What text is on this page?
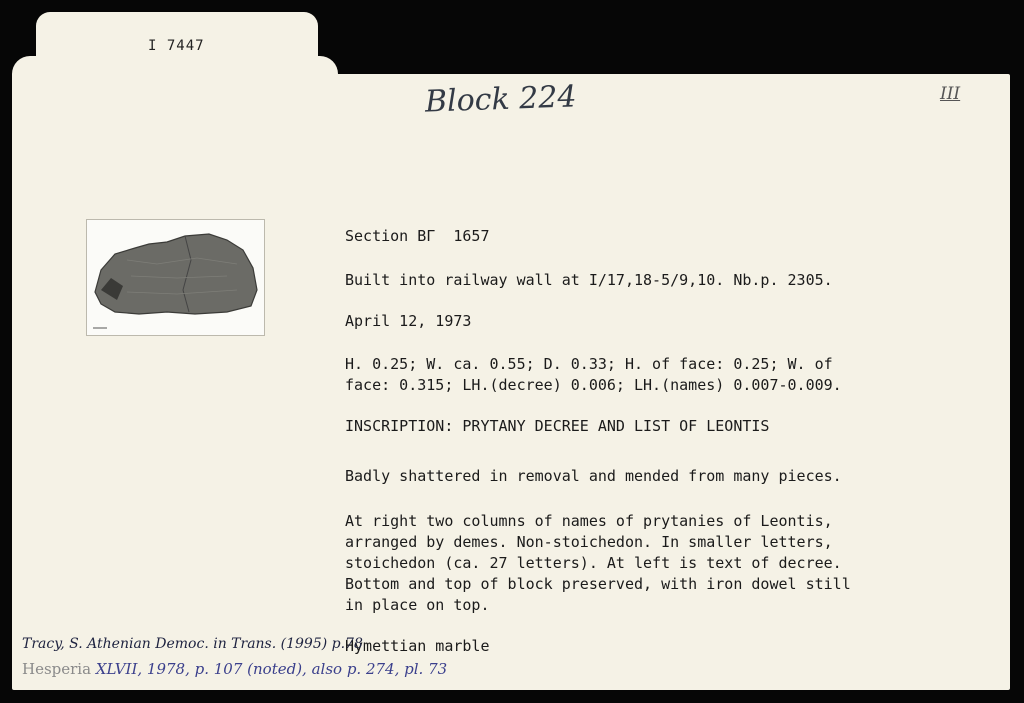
I 7447
Block 224	III
Section BΓ  1657
Built into railway wall at I/17,18-5/9,10. Nb.p. 2305.
April 12, 1973
H. 0.25; W. ca. 0.55; D. 0.33; H. of face: 0.25; W. of
face: 0.315; LH.(decree) 0.006; LH.(names) 0.007-0.009.
INSCRIPTION: PRYTANY DECREE AND LIST OF LEONTIS
Badly shattered in removal and mended from many pieces.
At right two columns of names of prytanies of Leontis,
arranged by demes. Non-stoichedon. In smaller letters,
stoichedon (ca. 27 letters). At left is text of decree.
Bottom and top of block preserved, with iron dowel still
in place on top.
Hymettian marble
Tracy, S. Athenian Democ. in Trans. (1995) p.78
Hesperia XLVII, 1978, p. 107 (noted), also p. 274, pl. 73
